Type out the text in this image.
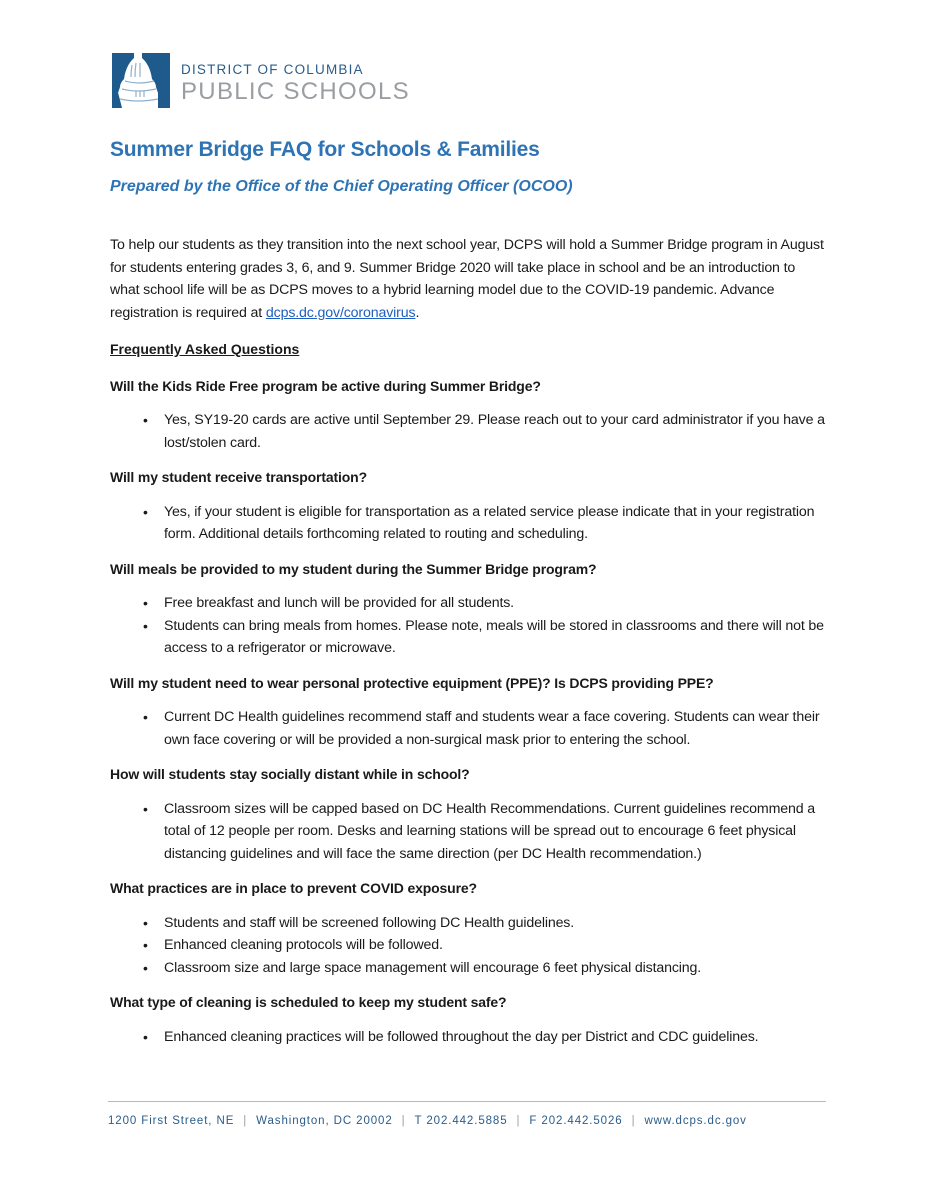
DISTRICT OF COLUMBIA
PUBLIC SCHOOLS
Summer Bridge FAQ for Schools & Families
Prepared by the Office of the Chief Operating Officer (OCOO)

To help our students as they transition into the next school year, DCPS will hold a Summer Bridge program in August for students entering grades 3, 6, and 9. Summer Bridge 2020 will take place in school and be an introduction to what school life will be as DCPS moves to a hybrid learning model due to the COVID-19 pandemic. Advance registration is required at dcps.dc.gov/coronavirus.

Frequently Asked Questions

Will the Kids Ride Free program be active during Summer Bridge?

• Yes, SY19-20 cards are active until September 29. Please reach out to your card administrator if you have a lost/stolen card.

Will my student receive transportation?

• Yes, if your student is eligible for transportation as a related service please indicate that in your registration form. Additional details forthcoming related to routing and scheduling.

Will meals be provided to my student during the Summer Bridge program?

• Free breakfast and lunch will be provided for all students.
• Students can bring meals from homes. Please note, meals will be stored in classrooms and there will not be access to a refrigerator or microwave.

Will my student need to wear personal protective equipment (PPE)? Is DCPS providing PPE?

• Current DC Health guidelines recommend staff and students wear a face covering. Students can wear their own face covering or will be provided a non-surgical mask prior to entering the school.

How will students stay socially distant while in school?

• Classroom sizes will be capped based on DC Health Recommendations. Current guidelines recommend a total of 12 people per room. Desks and learning stations will be spread out to encourage 6 feet physical distancing guidelines and will face the same direction (per DC Health recommendation.)

What practices are in place to prevent COVID exposure?

• Students and staff will be screened following DC Health guidelines.
• Enhanced cleaning protocols will be followed.
• Classroom size and large space management will encourage 6 feet physical distancing.

What type of cleaning is scheduled to keep my student safe?

• Enhanced cleaning practices will be followed throughout the day per District and CDC guidelines.
1200 First Street, NE | Washington, DC 20002 | T 202.442.5885 | F 202.442.5026 | www.dcps.dc.gov
